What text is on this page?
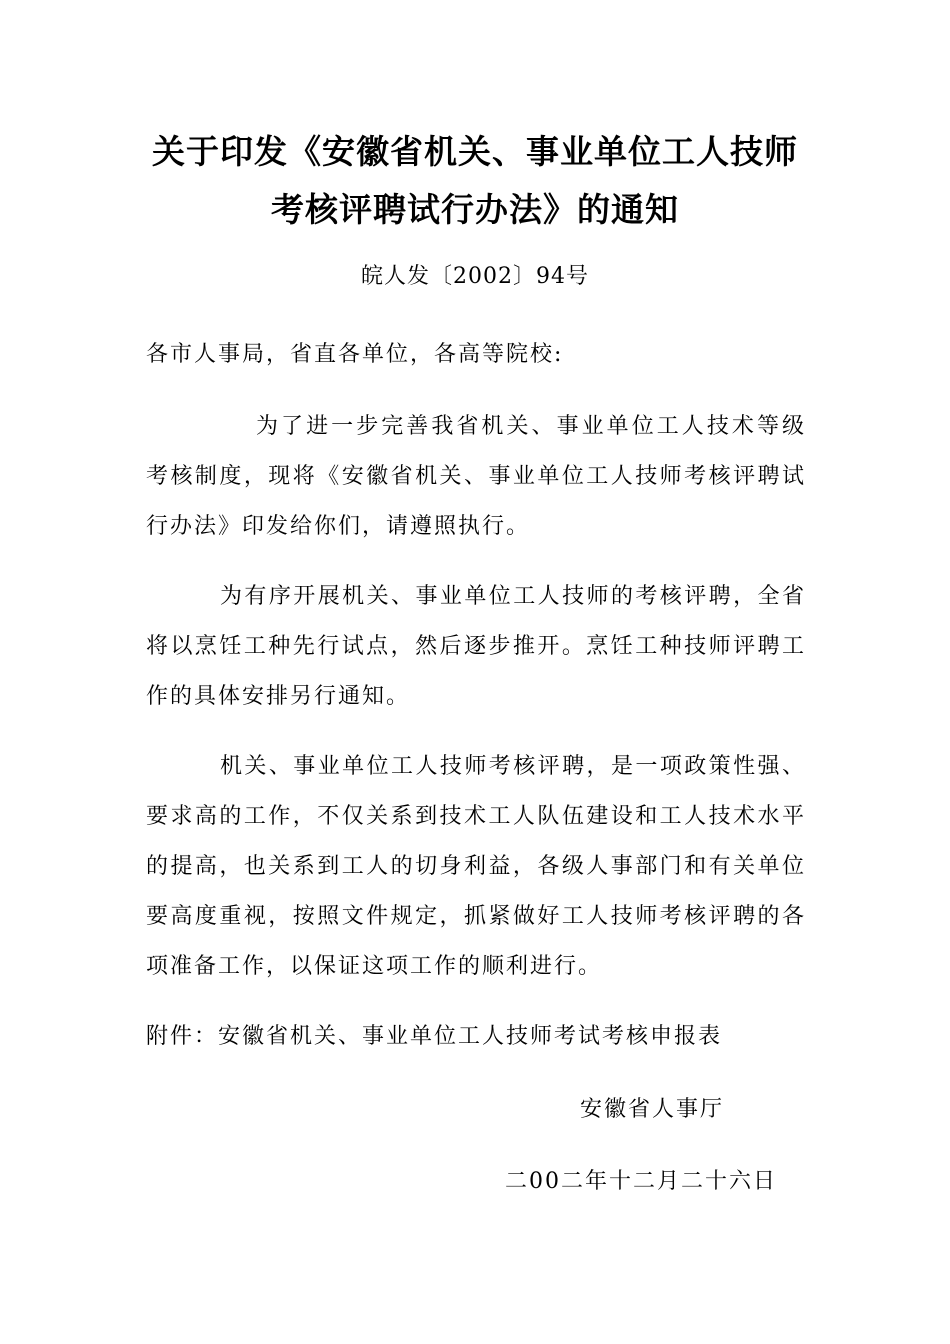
关于印发《安徽省机关、事业单位工人技师
考核评聘试行办法》的通知
皖人发〔2002〕94号
各市人事局，省直各单位，各高等院校:

为了进一步完善我省机关、事业单位工人技术等级考核制度，现将《安徽省机关、事业单位工人技师考核评聘试行办法》印发给你们，请遵照执行。

为有序开展机关、事业单位工人技师的考核评聘，全省将以烹饪工种先行试点，然后逐步推开。烹饪工种技师评聘工作的具体安排另行通知。

机关、事业单位工人技师考核评聘，是一项政策性强、要求高的工作，不仅关系到技术工人队伍建设和工人技术水平的提高，也关系到工人的切身利益，各级人事部门和有关单位要高度重视，按照文件规定，抓紧做好工人技师考核评聘的各项准备工作，以保证这项工作的顺利进行。

附件：安徽省机关、事业单位工人技师考试考核申报表
安徽省人事厅
二00二年十二月二十六日
